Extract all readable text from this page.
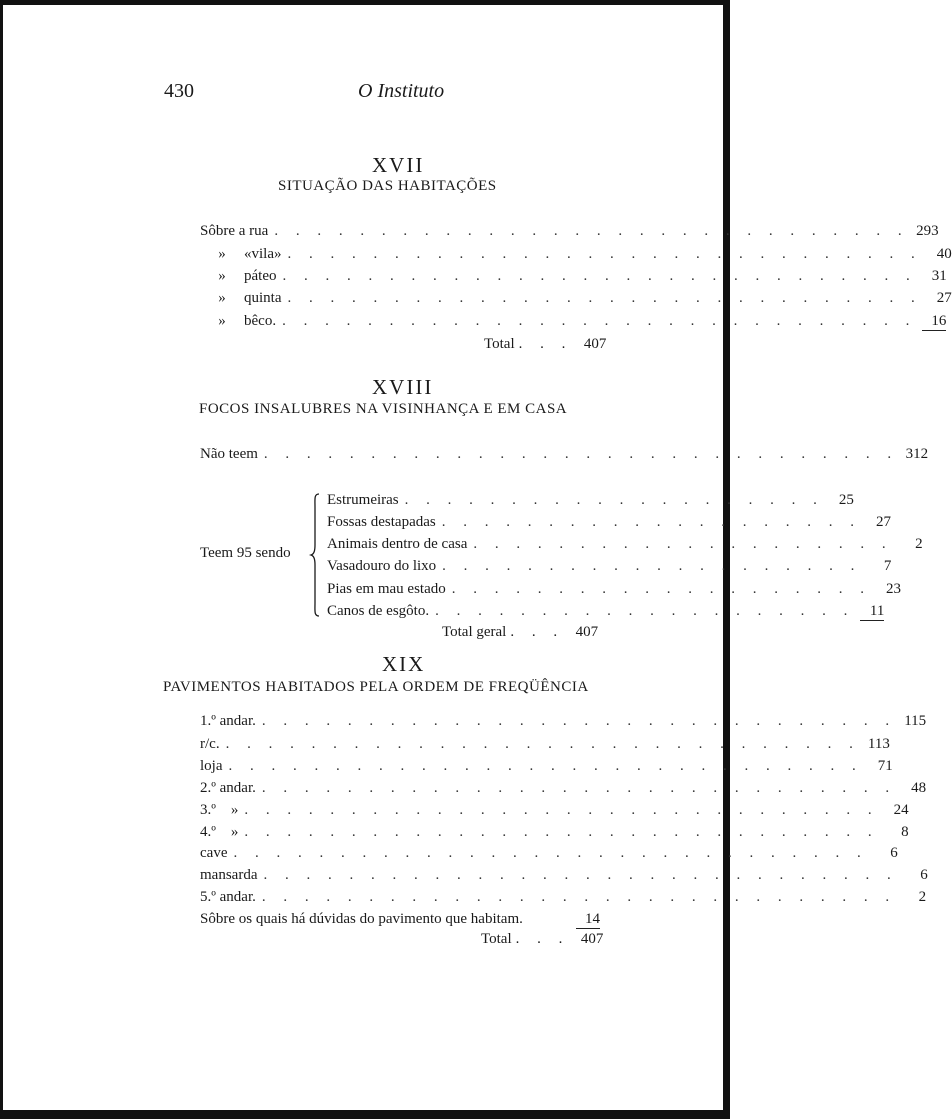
430	O Instituto
XVII
SITUAÇÃO DAS HABITAÇÕES
Sôbre a rua . . . . . . . . . . . . . . . . . . . . . . . . . . . . . . 293
»	«vila» . . . . . . . . . . . . . . . . . . . . . . . . . . . . . .	40
»	páteo . . . . . . . . . . . . . . . . . . . . . . . . . . . . . .	31
»	quinta . . . . . . . . . . . . . . . . . . . . . . . . . . . . . .	27
»	bêco. . . . . . . . . . . . . . . . . . . . . . . . . . . . . . .	16
Total . . . 407
XVIII
FOCOS INSALUBRES NA VISINHANÇA E EM CASA
Não teem . . . . . . . . . . . . . . . . . . . . . . . . . . . . . . 312
Teem 95 sendo
Estrumeiras . . . . . . . . . . . . . . . . . . . .	25
Fossas destapadas . . . . . . . . . . . . . . . . . . . .	27
Animais dentro de casa . . . . . . . . . . . . . . . . . . . .	2
Vasadouro do lixo . . . . . . . . . . . . . . . . . . . .	7
Pias em mau estado . . . . . . . . . . . . . . . . . . . .	23
Canos de esgôto. . . . . . . . . . . . . . . . . . . . .	11
Total geral . . . 407
XIX
PAVIMENTOS HABITADOS PELA ORDEM DE FREQÜÊNCIA
1.º andar. . . . . . . . . . . . . . . . . . . . . . . . . . . . . . . 115
r/c. . . . . . . . . . . . . . . . . . . . . . . . . . . . . . . 113
loja . . . . . . . . . . . . . . . . . . . . . . . . . . . . . .	71
2.º andar. . . . . . . . . . . . . . . . . . . . . . . . . . . . . . .	48
3.º    » . . . . . . . . . . . . . . . . . . . . . . . . . . . . . .	24
4.º    » . . . . . . . . . . . . . . . . . . . . . . . . . . . . . .	8
cave . . . . . . . . . . . . . . . . . . . . . . . . . . . . . .	6
mansarda . . . . . . . . . . . . . . . . . . . . . . . . . . . . . .	6
5.º andar. . . . . . . . . . . . . . . . . . . . . . . . . . . . . . .	2
Sôbre os quais há dúvidas do pavimento que habitam.	14
Total . . . 407
